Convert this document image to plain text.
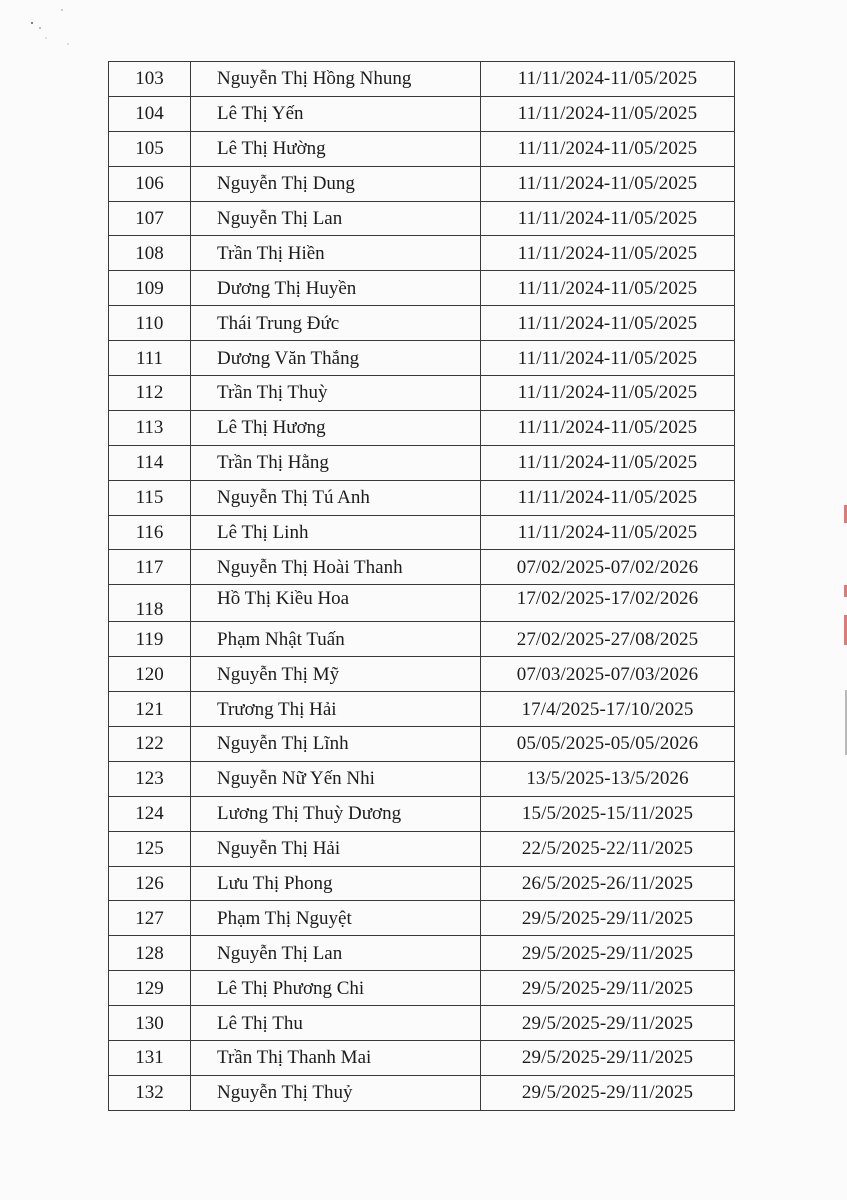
103	Nguyễn Thị Hồng Nhung	11/11/2024-11/05/2025
104	Lê Thị Yến	11/11/2024-11/05/2025
105	Lê Thị Hường	11/11/2024-11/05/2025
106	Nguyễn Thị Dung	11/11/2024-11/05/2025
107	Nguyễn Thị Lan	11/11/2024-11/05/2025
108	Trần Thị Hiền	11/11/2024-11/05/2025
109	Dương Thị Huyền	11/11/2024-11/05/2025
110	Thái Trung Đức	11/11/2024-11/05/2025
111	Dương Văn Thắng	11/11/2024-11/05/2025
112	Trần Thị Thuỳ	11/11/2024-11/05/2025
113	Lê Thị Hương	11/11/2024-11/05/2025
114	Trần Thị Hằng	11/11/2024-11/05/2025
115	Nguyễn Thị Tú Anh	11/11/2024-11/05/2025
116	Lê Thị Linh	11/11/2024-11/05/2025
117	Nguyễn Thị Hoài Thanh	07/02/2025-07/02/2026
118	Hồ Thị Kiều Hoa	17/02/2025-17/02/2026
119	Phạm Nhật Tuấn	27/02/2025-27/08/2025
120	Nguyễn Thị Mỹ	07/03/2025-07/03/2026
121	Trương Thị Hải	17/4/2025-17/10/2025
122	Nguyễn Thị Lĩnh	05/05/2025-05/05/2026
123	Nguyễn Nữ Yến Nhi	13/5/2025-13/5/2026
124	Lương Thị Thuỳ Dương	15/5/2025-15/11/2025
125	Nguyễn Thị Hải	22/5/2025-22/11/2025
126	Lưu Thị Phong	26/5/2025-26/11/2025
127	Phạm Thị Nguyệt	29/5/2025-29/11/2025
128	Nguyễn Thị Lan	29/5/2025-29/11/2025
129	Lê Thị Phương Chi	29/5/2025-29/11/2025
130	Lê Thị Thu	29/5/2025-29/11/2025
131	Trần Thị Thanh Mai	29/5/2025-29/11/2025
132	Nguyễn Thị Thuỷ	29/5/2025-29/11/2025
